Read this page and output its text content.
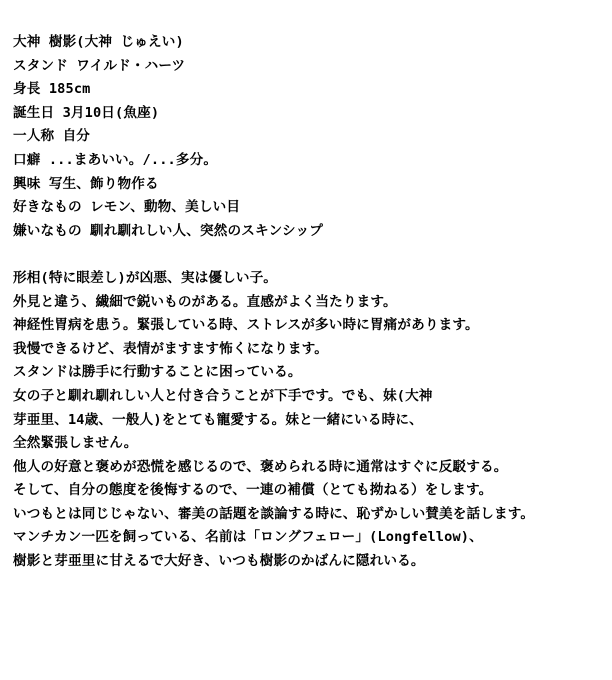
大神 樹影(大神 じゅえい)
スタンド ワイルド・ハーツ
身長 185cm
誕生日 3月10日(魚座)
一人称 自分
口癖 ...まあいい。/...多分。
興味 写生、飾り物作る
好きなもの レモン、動物、美しい目
嫌いなもの 馴れ馴れしい人、突然のスキンシップ
形相(特に眼差し)が凶悪、実は優しい子。
外見と違う、繊細で鋭いものがある。直感がよく当たります。
神経性胃病を患う。緊張している時、ストレスが多い時に胃痛があります。
我慢できるけど、表情がますます怖くになります。
スタンドは勝手に行動することに困っている。
女の子と馴れ馴れしい人と付き合うことが下手です。でも、妹(大神
芽亜里、14歳、一般人)をとても寵愛する。妹と一緒にいる時に、
全然緊張しません。
他人の好意と褒めが恐慌を感じるので、褒められる時に通常はすぐに反駁する。
そして、自分の態度を後悔するので、一連の補償（とても拗ねる）をします。
いつもとは同じじゃない、審美の話題を談論する時に、恥ずかしい賛美を話します。
マンチカン一匹を飼っている、名前は「ロングフェロー」(Longfellow)、
樹影と芽亜里に甘えるで大好き、いつも樹影のかばんに隠れいる。
